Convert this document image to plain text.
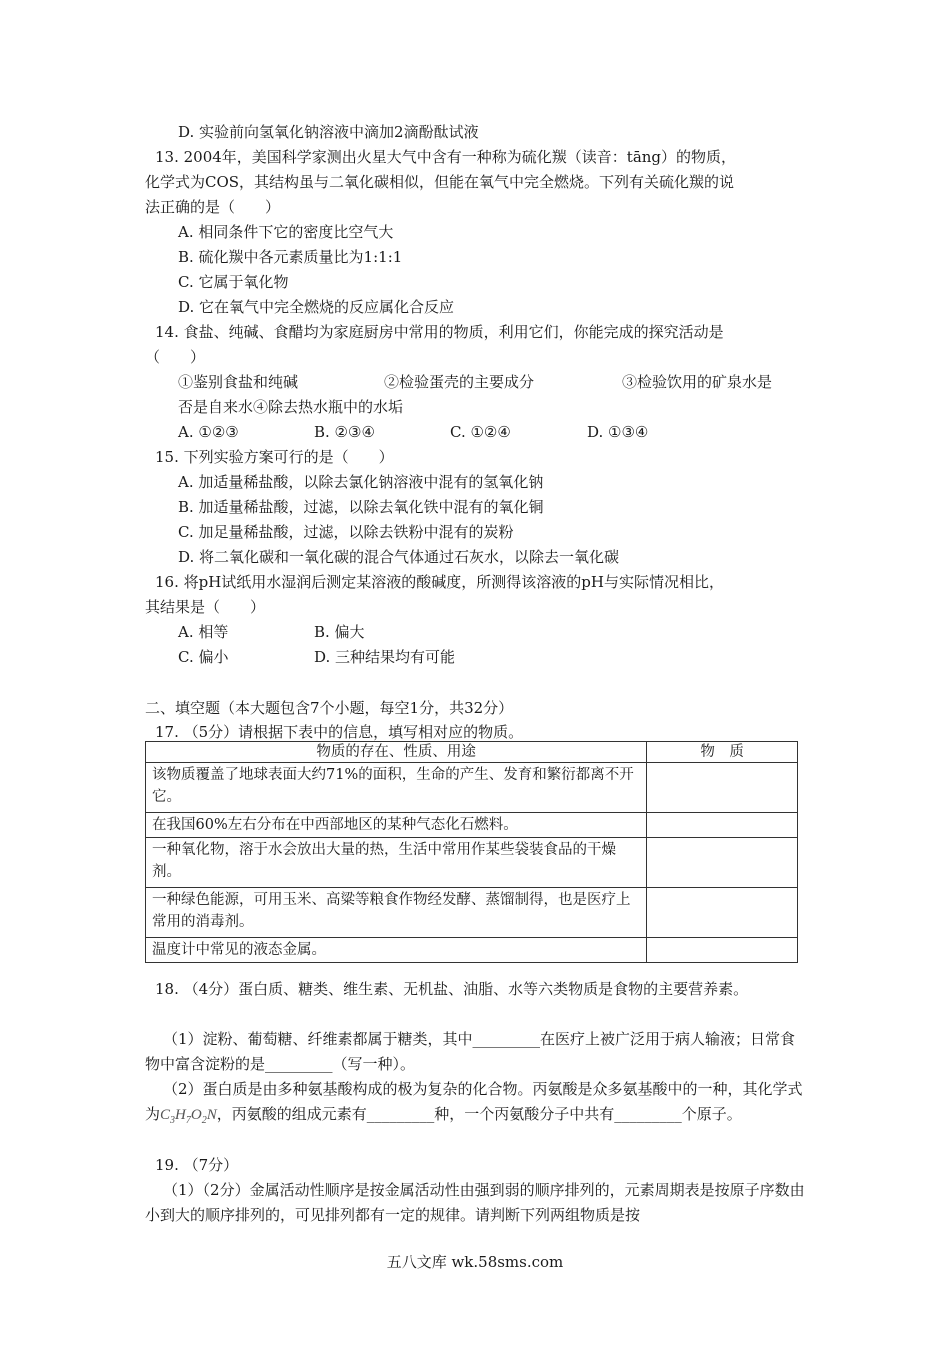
D. 实验前向氢氧化钠溶液中滴加2滴酚酞试液
13. 2004年，美国科学家测出火星大气中含有一种称为硫化羰（读音：tāng）的物质，
化学式为COS，其结构虽与二氧化碳相似，但能在氧气中完全燃烧。下列有关硫化羰的说
法正确的是（　　）
A. 相同条件下它的密度比空气大
B. 硫化羰中各元素质量比为1:1:1
C. 它属于氧化物
D. 它在氧气中完全燃烧的反应属化合反应
14. 食盐、纯碱、食醋均为家庭厨房中常用的物质，利用它们，你能完成的探究活动是
（　　）
①鉴别食盐和纯碱	②检验蛋壳的主要成分	③检验饮用的矿泉水是
否是自来水④除去热水瓶中的水垢
A. ①②③	B. ②③④	C. ①②④	D. ①③④
15. 下列实验方案可行的是（　　）
A. 加适量稀盐酸，以除去氯化钠溶液中混有的氢氧化钠
B. 加适量稀盐酸，过滤，以除去氧化铁中混有的氧化铜
C. 加足量稀盐酸，过滤，以除去铁粉中混有的炭粉
D. 将二氧化碳和一氧化碳的混合气体通过石灰水，以除去一氧化碳
16. 将pH试纸用水湿润后测定某溶液的酸碱度，所测得该溶液的pH与实际情况相比，
其结果是（　　）
A. 相等	B. 偏大
C. 偏小	D. 三种结果均有可能
二、填空题（本大题包含7个小题，每空1分，共32分）
17. （5分）请根据下表中的信息，填写相对应的物质。
物质的存在、性质、用途	物　质
该物质覆盖了地球表面大约71%的面积，生命的产生、发育和繁衍都离不开它。	
在我国60%左右分布在中西部地区的某种气态化石燃料。	
一种氧化物，溶于水会放出大量的热，生活中常用作某些袋装食品的干燥剂。	
一种绿色能源，可用玉米、高粱等粮食作物经发酵、蒸馏制得，也是医疗上常用的消毒剂。	
温度计中常见的液态金属。	
18. （4分）蛋白质、糖类、维生素、无机盐、油脂、水等六类物质是食物的主要营养素。
（1）淀粉、葡萄糖、纤维素都属于糖类，其中_________在医疗上被广泛用于病人输液；日常食物中富含淀粉的是_________（写一种）。
（2）蛋白质是由多种氨基酸构成的极为复杂的化合物。丙氨酸是众多氨基酸中的一种，其化学式为$C_3H_7O_2N$，丙氨酸的组成元素有_________种，一个丙氨酸分子中共有_________个原子。
19. （7分）
（1）（2分）金属活动性顺序是按金属活动性由强到弱的顺序排列的，元素周期表是按原子序数由小到大的顺序排列的，可见排列都有一定的规律。请判断下列两组物质是按
五八文库 wk.58sms.com
